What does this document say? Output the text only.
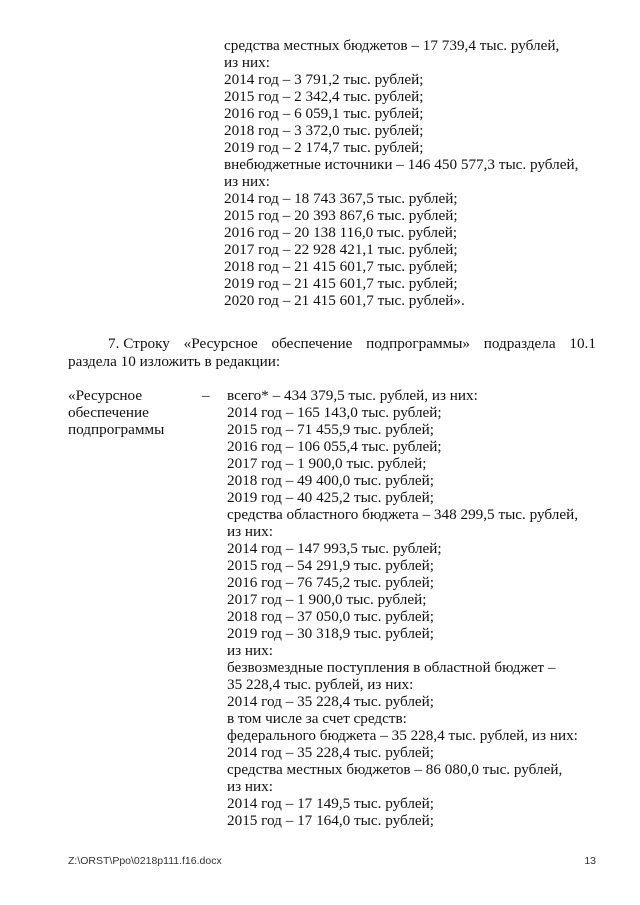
средства местных бюджетов – 17 739,4 тыс. рублей,
из них:
2014 год – 3 791,2 тыс. рублей;
2015 год – 2 342,4 тыс. рублей;
2016 год – 6 059,1 тыс. рублей;
2018 год – 3 372,0 тыс. рублей;
2019 год – 2 174,7 тыс. рублей;
внебюджетные источники – 146 450 577,3 тыс. рублей,
из них:
2014 год – 18 743 367,5 тыс. рублей;
2015 год – 20 393 867,6 тыс. рублей;
2016 год – 20 138 116,0 тыс. рублей;
2017 год – 22 928 421,1 тыс. рублей;
2018 год – 21 415 601,7 тыс. рублей;
2019 год – 21 415 601,7 тыс. рублей;
2020 год – 21 415 601,7 тыс. рублей».
7. Строку «Ресурсное обеспечение подпрограммы» подраздела 10.1
раздела 10 изложить в редакции:
«Ресурсное
обеспечение
подпрограммы
– всего* – 434 379,5 тыс. рублей, из них:
2014 год – 165 143,0 тыс. рублей;
2015 год – 71 455,9 тыс. рублей;
2016 год – 106 055,4 тыс. рублей;
2017 год – 1 900,0 тыс. рублей;
2018 год – 49 400,0 тыс. рублей;
2019 год – 40 425,2 тыс. рублей;
средства областного бюджета – 348 299,5 тыс. рублей,
из них:
2014 год – 147 993,5 тыс. рублей;
2015 год – 54 291,9 тыс. рублей;
2016 год – 76 745,2 тыс. рублей;
2017 год – 1 900,0 тыс. рублей;
2018 год – 37 050,0 тыс. рублей;
2019 год – 30 318,9 тыс. рублей;
из них:
безвозмездные поступления в областной бюджет –
35 228,4 тыс. рублей, из них:
2014 год – 35 228,4 тыс. рублей;
в том числе за счет средств:
федерального бюджета – 35 228,4 тыс. рублей, из них:
2014 год – 35 228,4 тыс. рублей;
средства местных бюджетов – 86 080,0 тыс. рублей,
из них:
2014 год – 17 149,5 тыс. рублей;
2015 год – 17 164,0 тыс. рублей;
Z:\ORST\Ppo\0218p111.f16.docx	13
